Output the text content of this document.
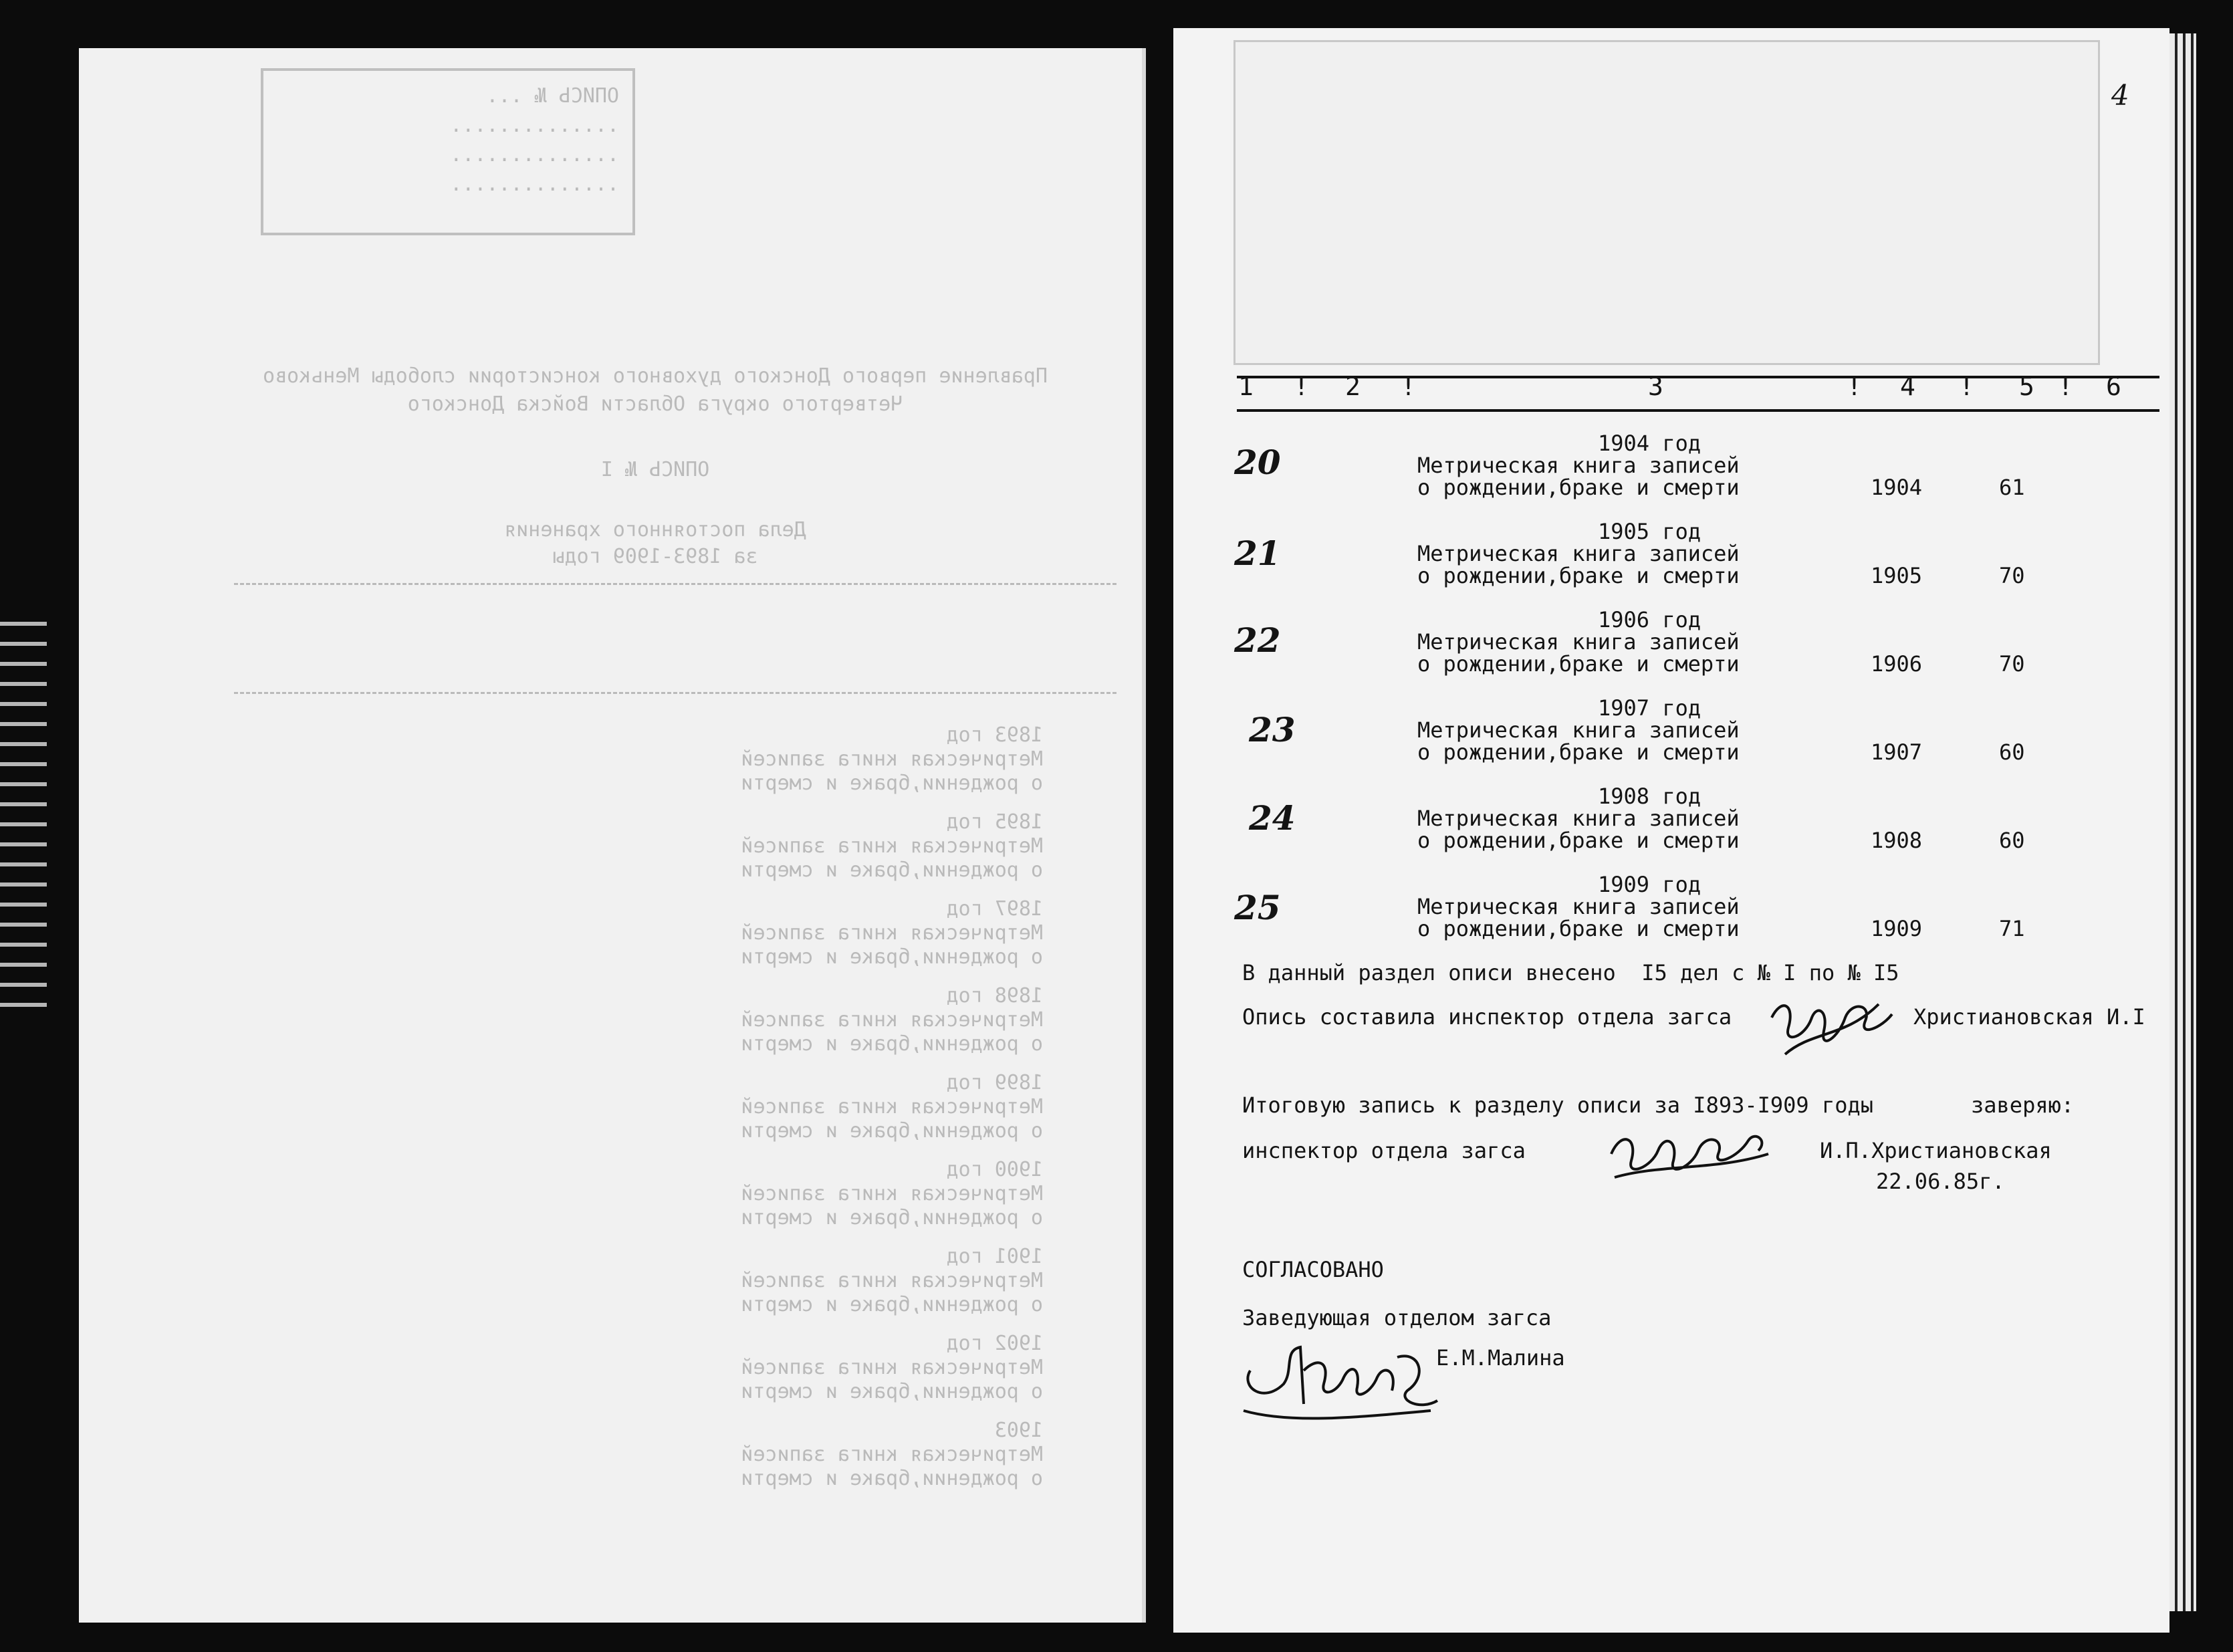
ОПИСЬ № ...
..............
..............
..............
Правление первого Донского духовного консистории слободы Меньково
Четвертого округа Области Войска Донского
ОПИСЬ № I
Дела постоянного хранения
за 1893-1909 годы
1893 год
Метрическая книга записей
о рождении,браке и смерти
1895 год
Метрическая книга записей
о рождении,браке и смерти
1897 год
Метрическая книга записей
о рождении,браке и смерти
1898 год
Метрическая книга записей
о рождении,браке и смерти
1899 год
Метрическая книга записей
о рождении,браке и смерти
1900 год
Метрическая книга записей
о рождении,браке и смерти
1901 год
Метрическая книга записей
о рождении,браке и смерти
1902 год
Метрическая книга записей
о рождении,браке и смерти
1903
Метрическая книга записей
о рождении,браке и смерти
4
1 ! 2 !	3	! 4 ! 5 ! 6
20	1904 год
Метрическая книга записей
о рождении,браке и смерти	1904	61
21
1905 год
Метрическая книга записей
о рождении,браке и смерти	1905	70
22
1906 год
Метрическая книга записей
о рождении,браке и смерти	1906	70
23
1907 год
Метрическая книга записей
о рождении,браке и смерти	1907	60
24
1908 год
Метрическая книга записей
о рождении,браке и смерти	1908	60
25
1909 год
Метрическая книга записей
о рождении,браке и смерти	1909	71
В данный раздел описи внесено  I5 дел с № I по № I5
Опись составила инспектор отдела загса	Христиановская И.I
Итоговую запись к разделу описи за I893-I909 годы	заверяю:
инспектор отдела загса	И.П.Христиановская
22.06.85г.
СОГЛАСОВАНО
Заведующая отделом загса
Е.М.Малина
